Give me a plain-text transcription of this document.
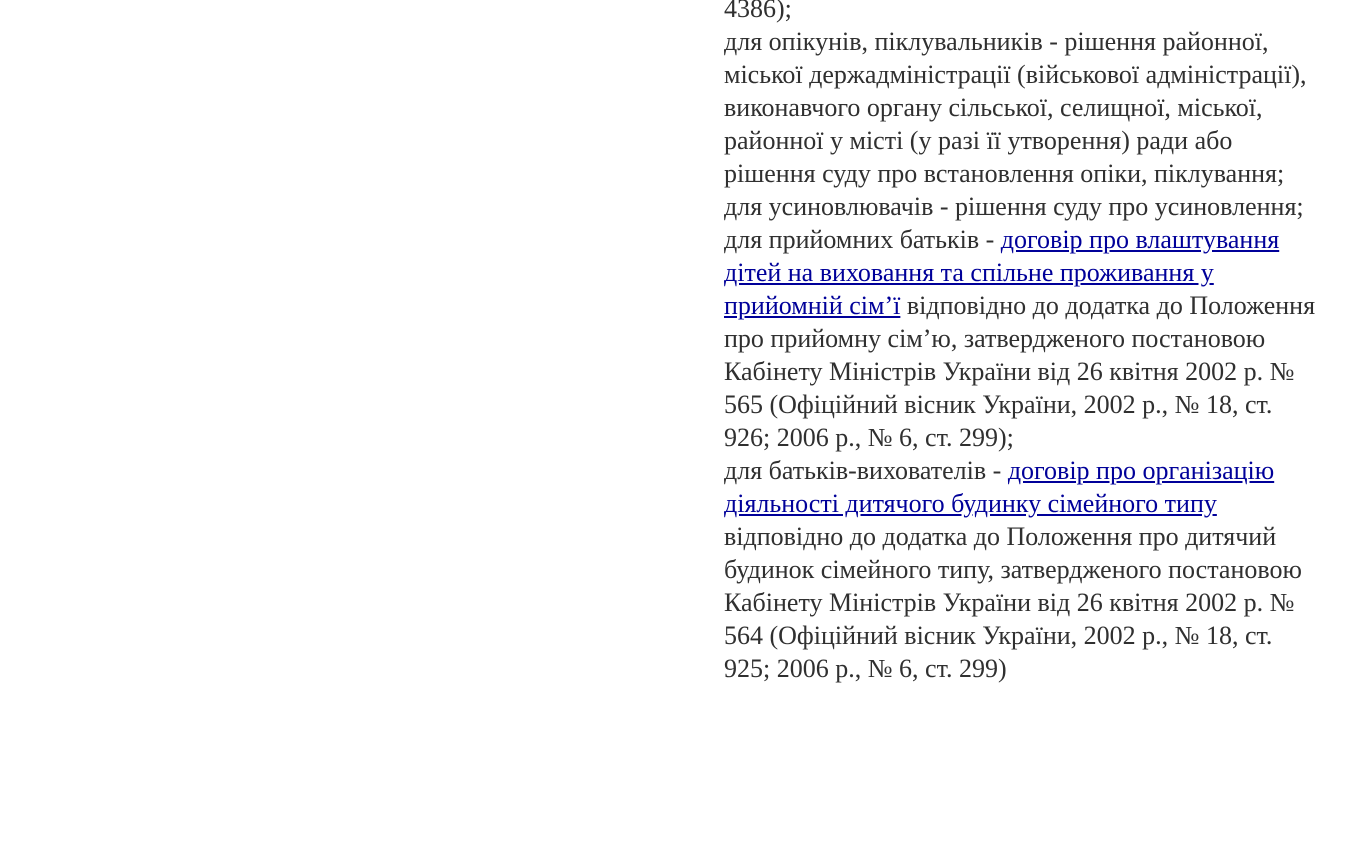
4386);

для опікунів, піклувальників - рішення районної, міської держадміністрації (військової адміністрації), виконавчого органу сільської, селищної, міської, районної у місті (у разі її утворення) ради або рішення суду про встановлення опіки, піклування; для усиновлювачів - рішення суду про усиновлення;

для прийомних батьків - договір про влаштування дітей на виховання та спільне проживання у прийомній сім’ї відповідно до додатка до Положення про прийомну сім’ю, затвердженого постановою Кабінету Міністрів України від 26 квітня 2002 р. № 565 (Офіційний вісник України, 2002 р., № 18, ст. 926; 2006 р., № 6, ст. 299);

для батьків-вихователів - договір про організацію діяльності дитячого будинку сімейного типу відповідно до додатка до Положення про дитячий будинок сімейного типу, затвердженого постановою Кабінету Міністрів України від 26 квітня 2002 р. № 564 (Офіційний вісник України, 2002 р., № 18, ст. 925; 2006 р., № 6, ст. 299)
